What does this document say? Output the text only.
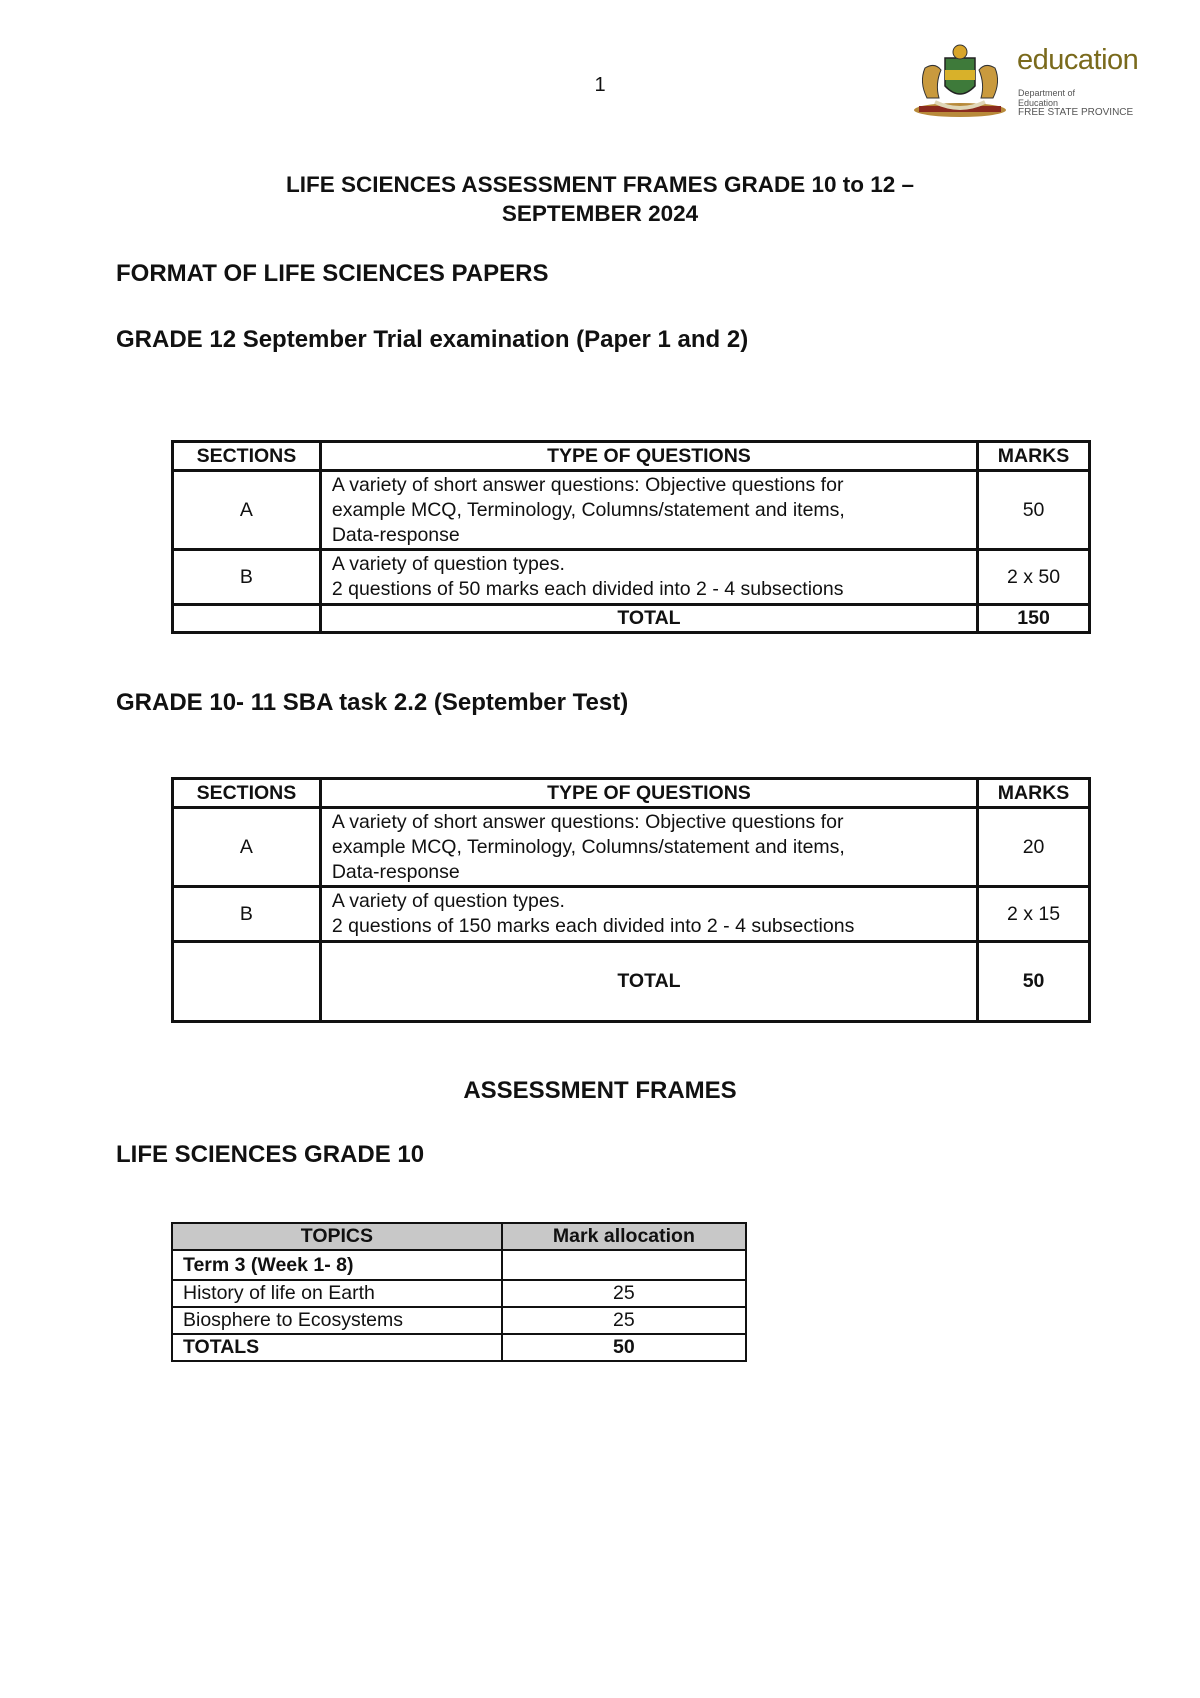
1
education
Department of
Education
FREE STATE PROVINCE
LIFE SCIENCES ASSESSMENT FRAMES GRADE 10 to 12 –
SEPTEMBER 2024
FORMAT OF LIFE SCIENCES PAPERS
GRADE 12 September Trial examination (Paper 1 and 2)
SECTIONS	TYPE OF QUESTIONS	MARKS
A	A variety of short answer questions: Objective questions for
example MCQ, Terminology, Columns/statement and items,
Data-response	50
B	A variety of question types.
2 questions of 50 marks each divided into 2 - 4 subsections	2 x 50
	TOTAL	150
GRADE 10- 11 SBA task 2.2 (September Test)
SECTIONS	TYPE OF QUESTIONS	MARKS
A	A variety of short answer questions: Objective questions for
example MCQ, Terminology, Columns/statement and items,
Data-response	20
B	A variety of question types.
2 questions of 150 marks each divided into 2 - 4 subsections	2 x 15
	TOTAL	50
ASSESSMENT FRAMES
LIFE SCIENCES GRADE 10
TOPICS	Mark allocation
Term 3 (Week 1- 8)	
History of life on Earth	25
Biosphere to Ecosystems	25
TOTALS	50
